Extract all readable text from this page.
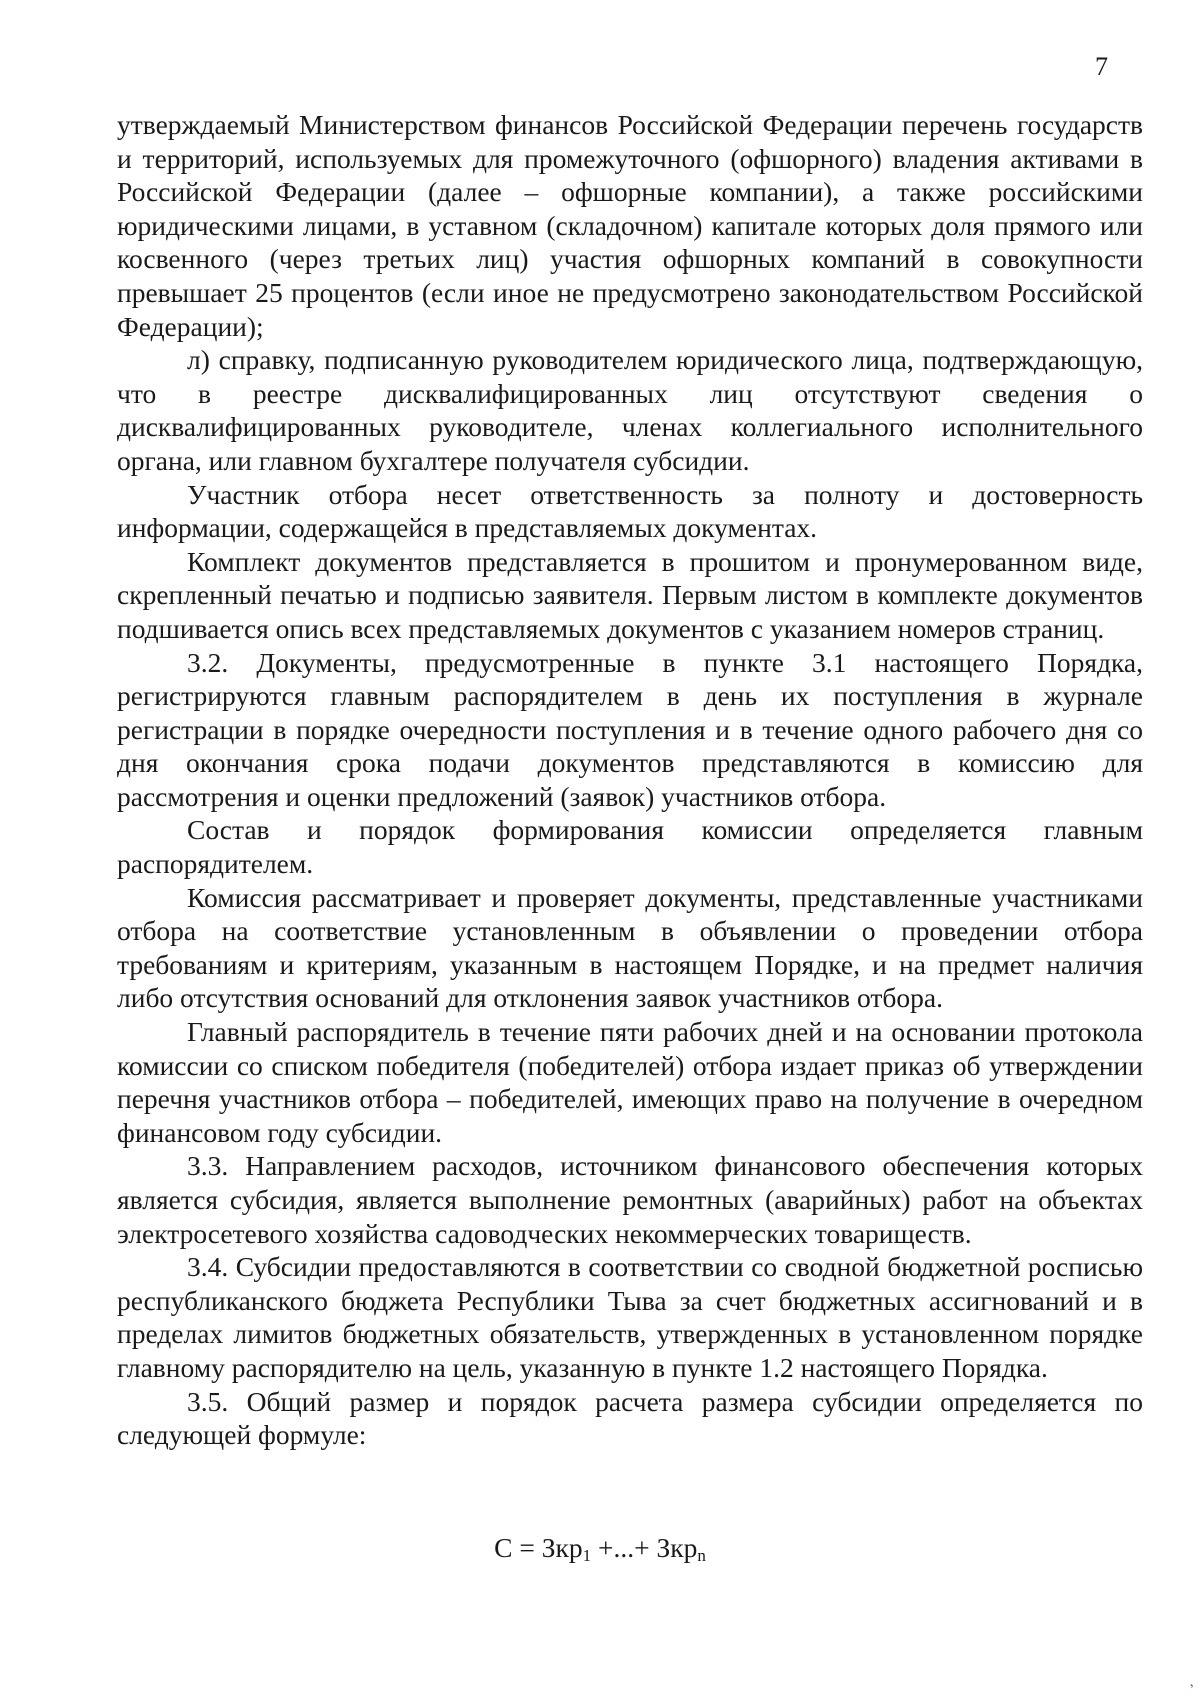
7

утверждаемый Министерством финансов Российской Федерации перечень государств и территорий, используемых для промежуточного (офшорного) владения активами в Российской Федерации (далее – офшорные компании), а также российскими юридическими лицами, в уставном (складочном) капитале которых доля прямого или косвенного (через третьих лиц) участия офшорных компаний в совокупности превышает 25 процентов (если иное не предусмотрено законодательством Российской Федерации);

л) справку, подписанную руководителем юридического лица, подтверждающую, что в реестре дисквалифицированных лиц отсутствуют сведения о дисквалифицированных руководителе, членах коллегиального исполнительного органа, или главном бухгалтере получателя субсидии.

Участник отбора несет ответственность за полноту и достоверность информации, содержащейся в представляемых документах.

Комплект документов представляется в прошитом и пронумерованном виде, скрепленный печатью и подписью заявителя. Первым листом в комплекте документов подшивается опись всех представляемых документов с указанием номеров страниц.

3.2. Документы, предусмотренные в пункте 3.1 настоящего Порядка, регистрируются главным распорядителем в день их поступления в журнале регистрации в порядке очередности поступления и в течение одного рабочего дня со дня окончания срока подачи документов представляются в комиссию для рассмотрения и оценки предложений (заявок) участников отбора.

Состав и порядок формирования комиссии определяется главным распорядителем.

Комиссия рассматривает и проверяет документы, представленные участниками отбора на соответствие установленным в объявлении о проведении отбора требованиям и критериям, указанным в настоящем Порядке, и на предмет наличия либо отсутствия оснований для отклонения заявок участников отбора.

Главный распорядитель в течение пяти рабочих дней и на основании протокола комиссии со списком победителя (победителей) отбора издает приказ об утверждении перечня участников отбора – победителей, имеющих право на получение в очередном финансовом году субсидии.

3.3. Направлением расходов, источником финансового обеспечения которых является субсидия, является выполнение ремонтных (аварийных) работ на объектах электросетевого хозяйства садоводческих некоммерческих товариществ.

3.4. Субсидии предоставляются в соответствии со сводной бюджетной росписью республиканского бюджета Республики Тыва за счет бюджетных ассигнований и в пределах лимитов бюджетных обязательств, утвержденных в установленном порядке главному распорядителю на цель, указанную в пункте 1.2 настоящего Порядка.

3.5. Общий размер и порядок расчета размера субсидии определяется по следующей формуле:

С = Зкр$_1$ +...+ Зкр$_n$
,
